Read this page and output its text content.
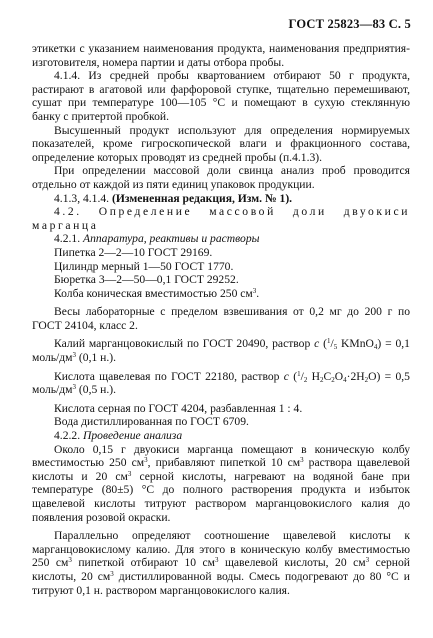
ГОСТ 25823—83 С. 5

этикетки с указанием наименования продукта, наименования предприятия-изготовителя, номера партии и даты отбора пробы.

4.1.4. Из средней пробы квартованием отбирают 50 г продукта, растирают в агатовой или фарфоровой ступке, тщательно перемешивают, сушат при температуре 100—105 °С и помещают в сухую стеклянную банку с притертой пробкой.

Высушенный продукт используют для определения нормируемых показателей, кроме гигроскопической влаги и фракционного состава, определение которых проводят из средней пробы (п.4.1.3).

При определении массовой доли свинца анализ проб проводится отдельно от каждой из пяти единиц упаковок продукции.

4.1.3, 4.1.4. (Измененная редакция, Изм. № 1).

4.2. Определение массовой доли двуокиси марганца

4.2.1. Аппаратура, реактивы и растворы

Пипетка 2—2—10 ГОСТ 29169.

Цилиндр мерный 1—50 ГОСТ 1770.

Бюретка 3—2—50—0,1 ГОСТ 29252.

Колба коническая вместимостью 250 $см^3$.

Весы лабораторные с пределом взвешивания от 0,2 мг до 200 г по ГОСТ 24104, класс 2.

Калий марганцовокислый по ГОСТ 20490, раствор c ($^1/_5$ KMnO$_4$) = 0,1 моль/$дм^3$ (0,1 н.).

Кислота щавелевая по ГОСТ 22180, раствор c ($^1/_2$ $H_2C_2O_4\cdot 2H_2O) = 0,5$ моль/$дм^3$ (0,5 н.).

Кислота серная по ГОСТ 4204, разбавленная 1 : 4.

Вода дистиллированная по ГОСТ 6709.

4.2.2. Проведение анализа

Около 0,15 г двуокиси марганца помещают в коническую колбу вместимостью 250 $см^3$, прибавляют пипеткой 10 $см^3$ раствора щавелевой кислоты и 20 $см^3$ серной кислоты, нагревают на водяной бане при температуре (80±5) °С до полного растворения продукта и избыток щавелевой кислоты титруют раствором марганцовокислого калия до появления розовой окраски.

Параллельно определяют соотношение щавелевой кислоты к марганцовокислому калию. Для этого в коническую колбу вместимостью 250 $см^3$ пипеткой отбирают 10 $см^3$ щавелевой кислоты, 20 $см^3$ серной кислоты, 20 $см^3$ дистиллированной воды. Смесь подогревают до 80 °С и титруют 0,1 н. раствором марганцовокислого калия.
